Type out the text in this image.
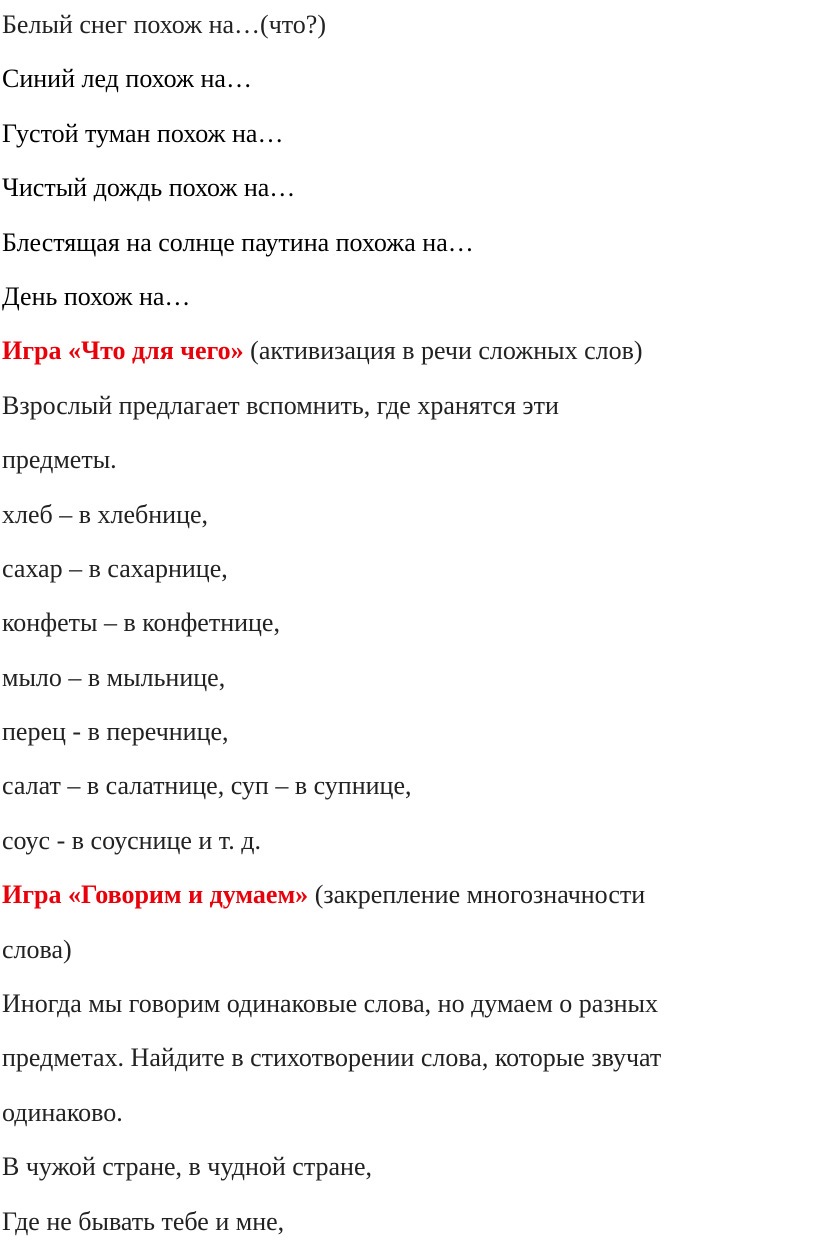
Белый снег похож на…(что?)
Синий лед похож на…
Густой туман похож на…
Чистый дождь похож на…
Блестящая на солнце паутина похожа на…
День похож на…
Игра «Что для чего» (активизация в речи сложных слов)
Взрослый предлагает вспомнить, где хранятся эти
предметы.
хлеб – в хлебнице,
сахар – в сахарнице,
конфеты – в конфетнице,
мыло – в мыльнице,
перец - в перечнице,
салат – в салатнице, суп – в супнице,
соус - в соуснице и т. д.
Игра «Говорим и думаем» (закрепление многозначности
слова)
Иногда мы говорим одинаковые слова, но думаем о разных
предметах. Найдите в стихотворении слова, которые звучат
одинаково.
В чужой стране, в чудной стране,
Где не бывать тебе и мне,
